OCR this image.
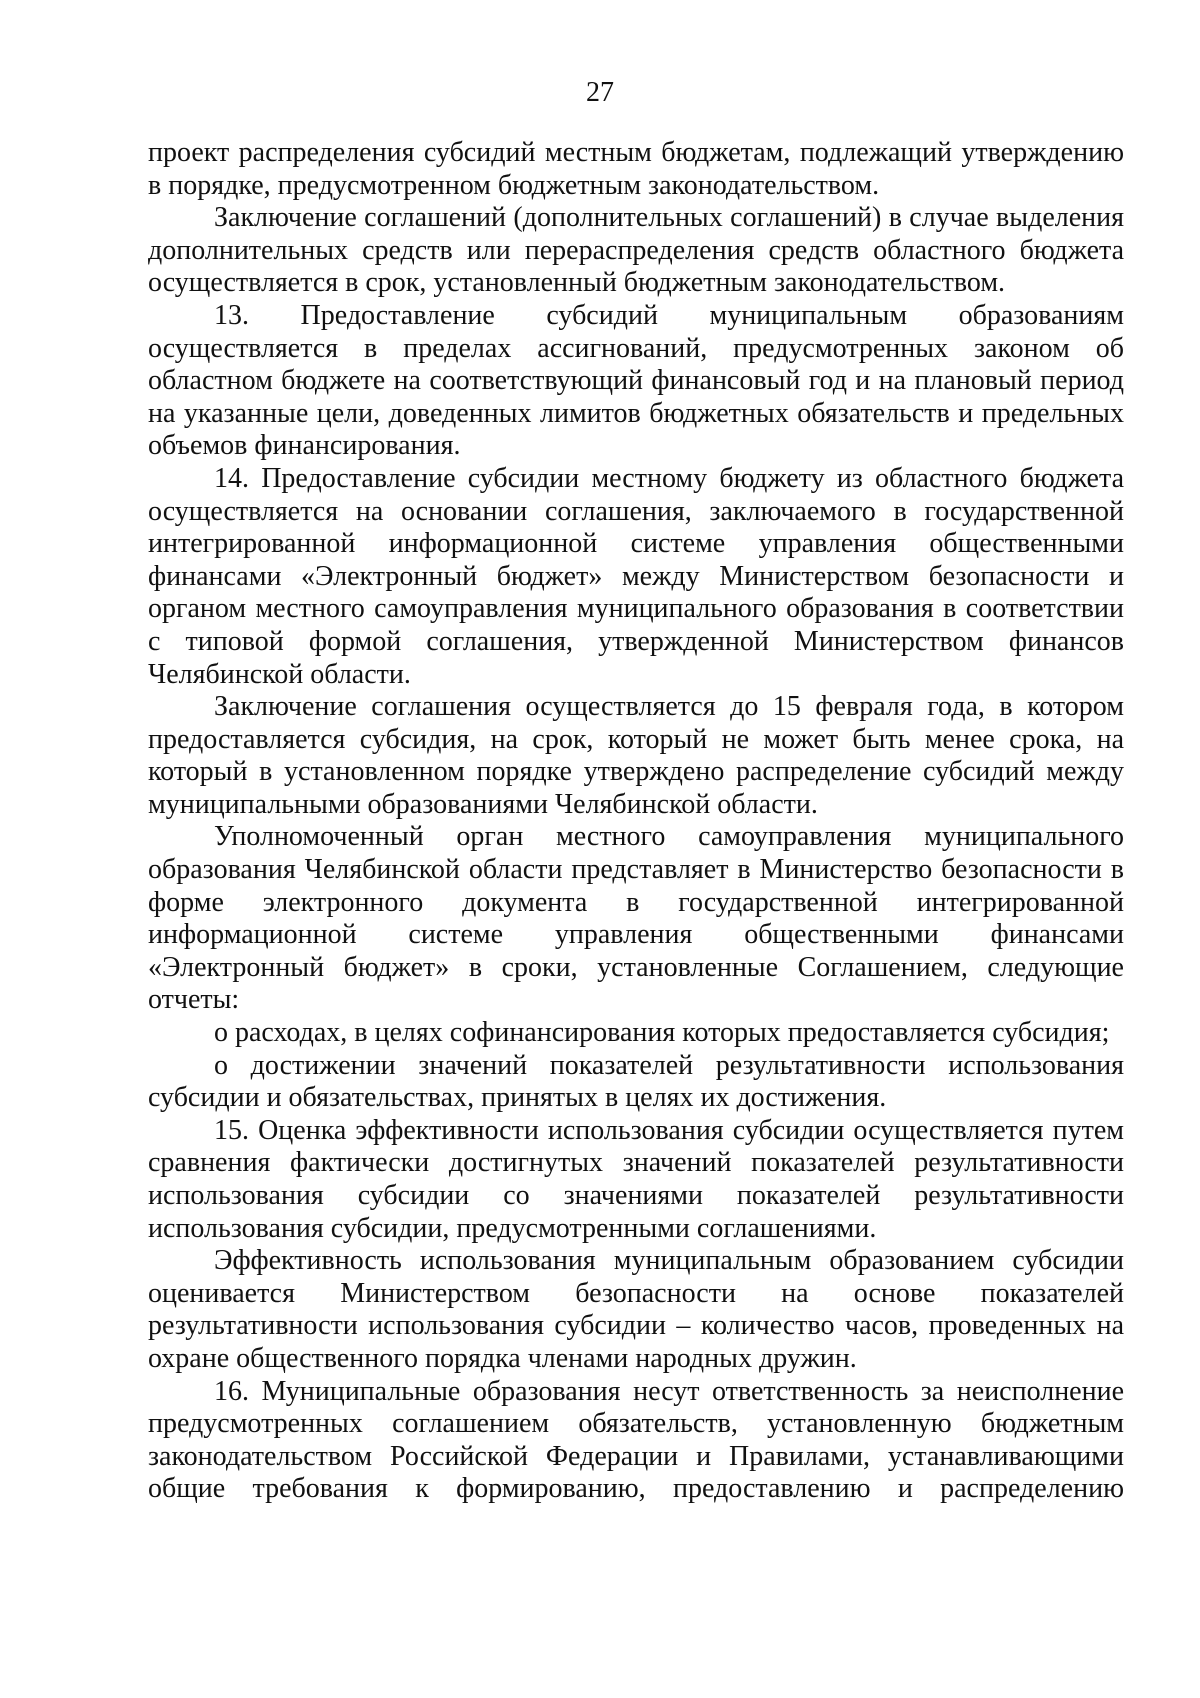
27

проект распределения субсидий местным бюджетам, подлежащий утверждению в порядке, предусмотренном бюджетным законодательством.

Заключение соглашений (дополнительных соглашений) в случае выделения дополнительных средств или перераспределения средств областного бюджета осуществляется в срок, установленный бюджетным законодательством.

13. Предоставление субсидий муниципальным образованиям осуществляется в пределах ассигнований, предусмотренных законом об областном бюджете на соответствующий финансовый год и на плановый период на указанные цели, доведенных лимитов бюджетных обязательств и предельных объемов финансирования.

14. Предоставление субсидии местному бюджету из областного бюджета осуществляется на основании соглашения, заключаемого в государственной интегрированной информационной системе управления общественными финансами «Электронный бюджет» между Министерством безопасности и органом местного самоуправления муниципального образования в соответствии с типовой формой соглашения, утвержденной Министерством финансов Челябинской области.

Заключение соглашения осуществляется до 15 февраля года, в котором предоставляется субсидия, на срок, который не может быть менее срока, на который в установленном порядке утверждено распределение субсидий между муниципальными образованиями Челябинской области.

Уполномоченный орган местного самоуправления муниципального образования Челябинской области представляет в Министерство безопасности в форме электронного документа в государственной интегрированной информационной системе управления общественными финансами «Электронный бюджет» в сроки, установленные Соглашением, следующие отчеты:

о расходах, в целях софинансирования которых предоставляется субсидия;

о достижении значений показателей результативности использования субсидии и обязательствах, принятых в целях их достижения.

15. Оценка эффективности использования субсидии осуществляется путем сравнения фактически достигнутых значений показателей результативности использования субсидии со значениями показателей результативности использования субсидии, предусмотренными соглашениями.

Эффективность использования муниципальным образованием субсидии оценивается Министерством безопасности на основе показателей результативности использования субсидии – количество часов, проведенных на охране общественного порядка членами народных дружин.

16. Муниципальные образования несут ответственность за неисполнение предусмотренных соглашением обязательств, установленную бюджетным законодательством Российской Федерации и Правилами, устанавливающими общие требования к формированию, предоставлению и распределению
